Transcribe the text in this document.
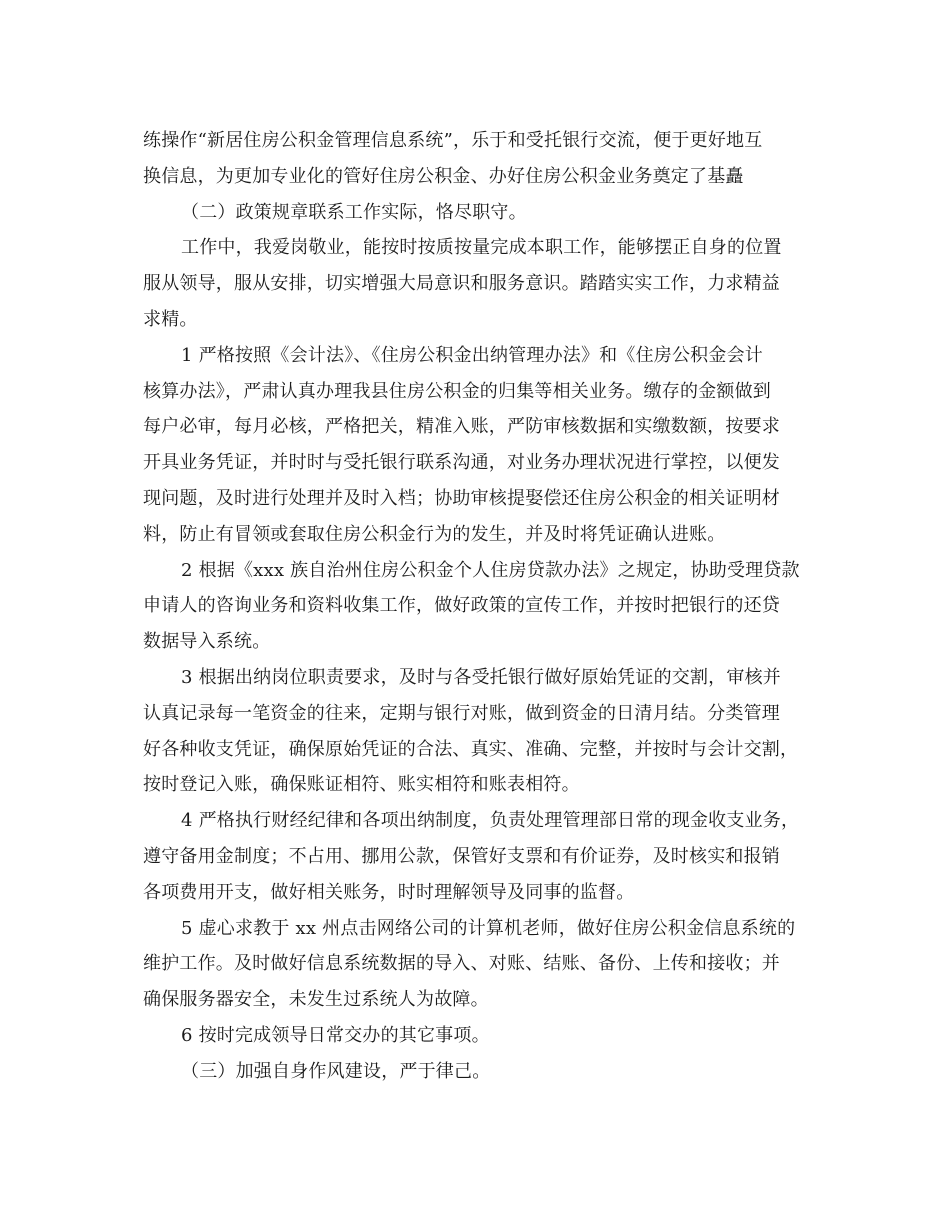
练操作“新居住房公积金管理信息系统”，乐于和受托银行交流，便于更好地互
换信息，为更加专业化的管好住房公积金、办好住房公积金业务奠定了基矗
（二）政策规章联系工作实际，恪尽职守。
工作中，我爱岗敬业，能按时按质按量完成本职工作，能够摆正自身的位置
服从领导，服从安排，切实增强大局意识和服务意识。踏踏实实工作，力求精益
求精。
1 严格按照《会计法》、《住房公积金出纳管理办法》和《住房公积金会计
核算办法》，严肃认真办理我县住房公积金的归集等相关业务。缴存的金额做到
每户必审，每月必核，严格把关，精准入账，严防审核数据和实缴数额，按要求
开具业务凭证，并时时与受托银行联系沟通，对业务办理状况进行掌控，以便发
现问题，及时进行处理并及时入档；协助审核提娶偿还住房公积金的相关证明材
料，防止有冒领或套取住房公积金行为的发生，并及时将凭证确认进账。
2 根据《xxx 族自治州住房公积金个人住房贷款办法》之规定，协助受理贷款
申请人的咨询业务和资料收集工作，做好政策的宣传工作，并按时把银行的还贷
数据导入系统。
3 根据出纳岗位职责要求，及时与各受托银行做好原始凭证的交割，审核并
认真记录每一笔资金的往来，定期与银行对账，做到资金的日清月结。分类管理
好各种收支凭证，确保原始凭证的合法、真实、准确、完整，并按时与会计交割，
按时登记入账，确保账证相符、账实相符和账表相符。
4 严格执行财经纪律和各项出纳制度，负责处理管理部日常的现金收支业务，
遵守备用金制度；不占用、挪用公款，保管好支票和有价证券，及时核实和报销
各项费用开支，做好相关账务，时时理解领导及同事的监督。
5 虚心求教于 xx 州点击网络公司的计算机老师，做好住房公积金信息系统的
维护工作。及时做好信息系统数据的导入、对账、结账、备份、上传和接收；并
确保服务器安全，未发生过系统人为故障。
6 按时完成领导日常交办的其它事项。
（三）加强自身作风建设，严于律己。
